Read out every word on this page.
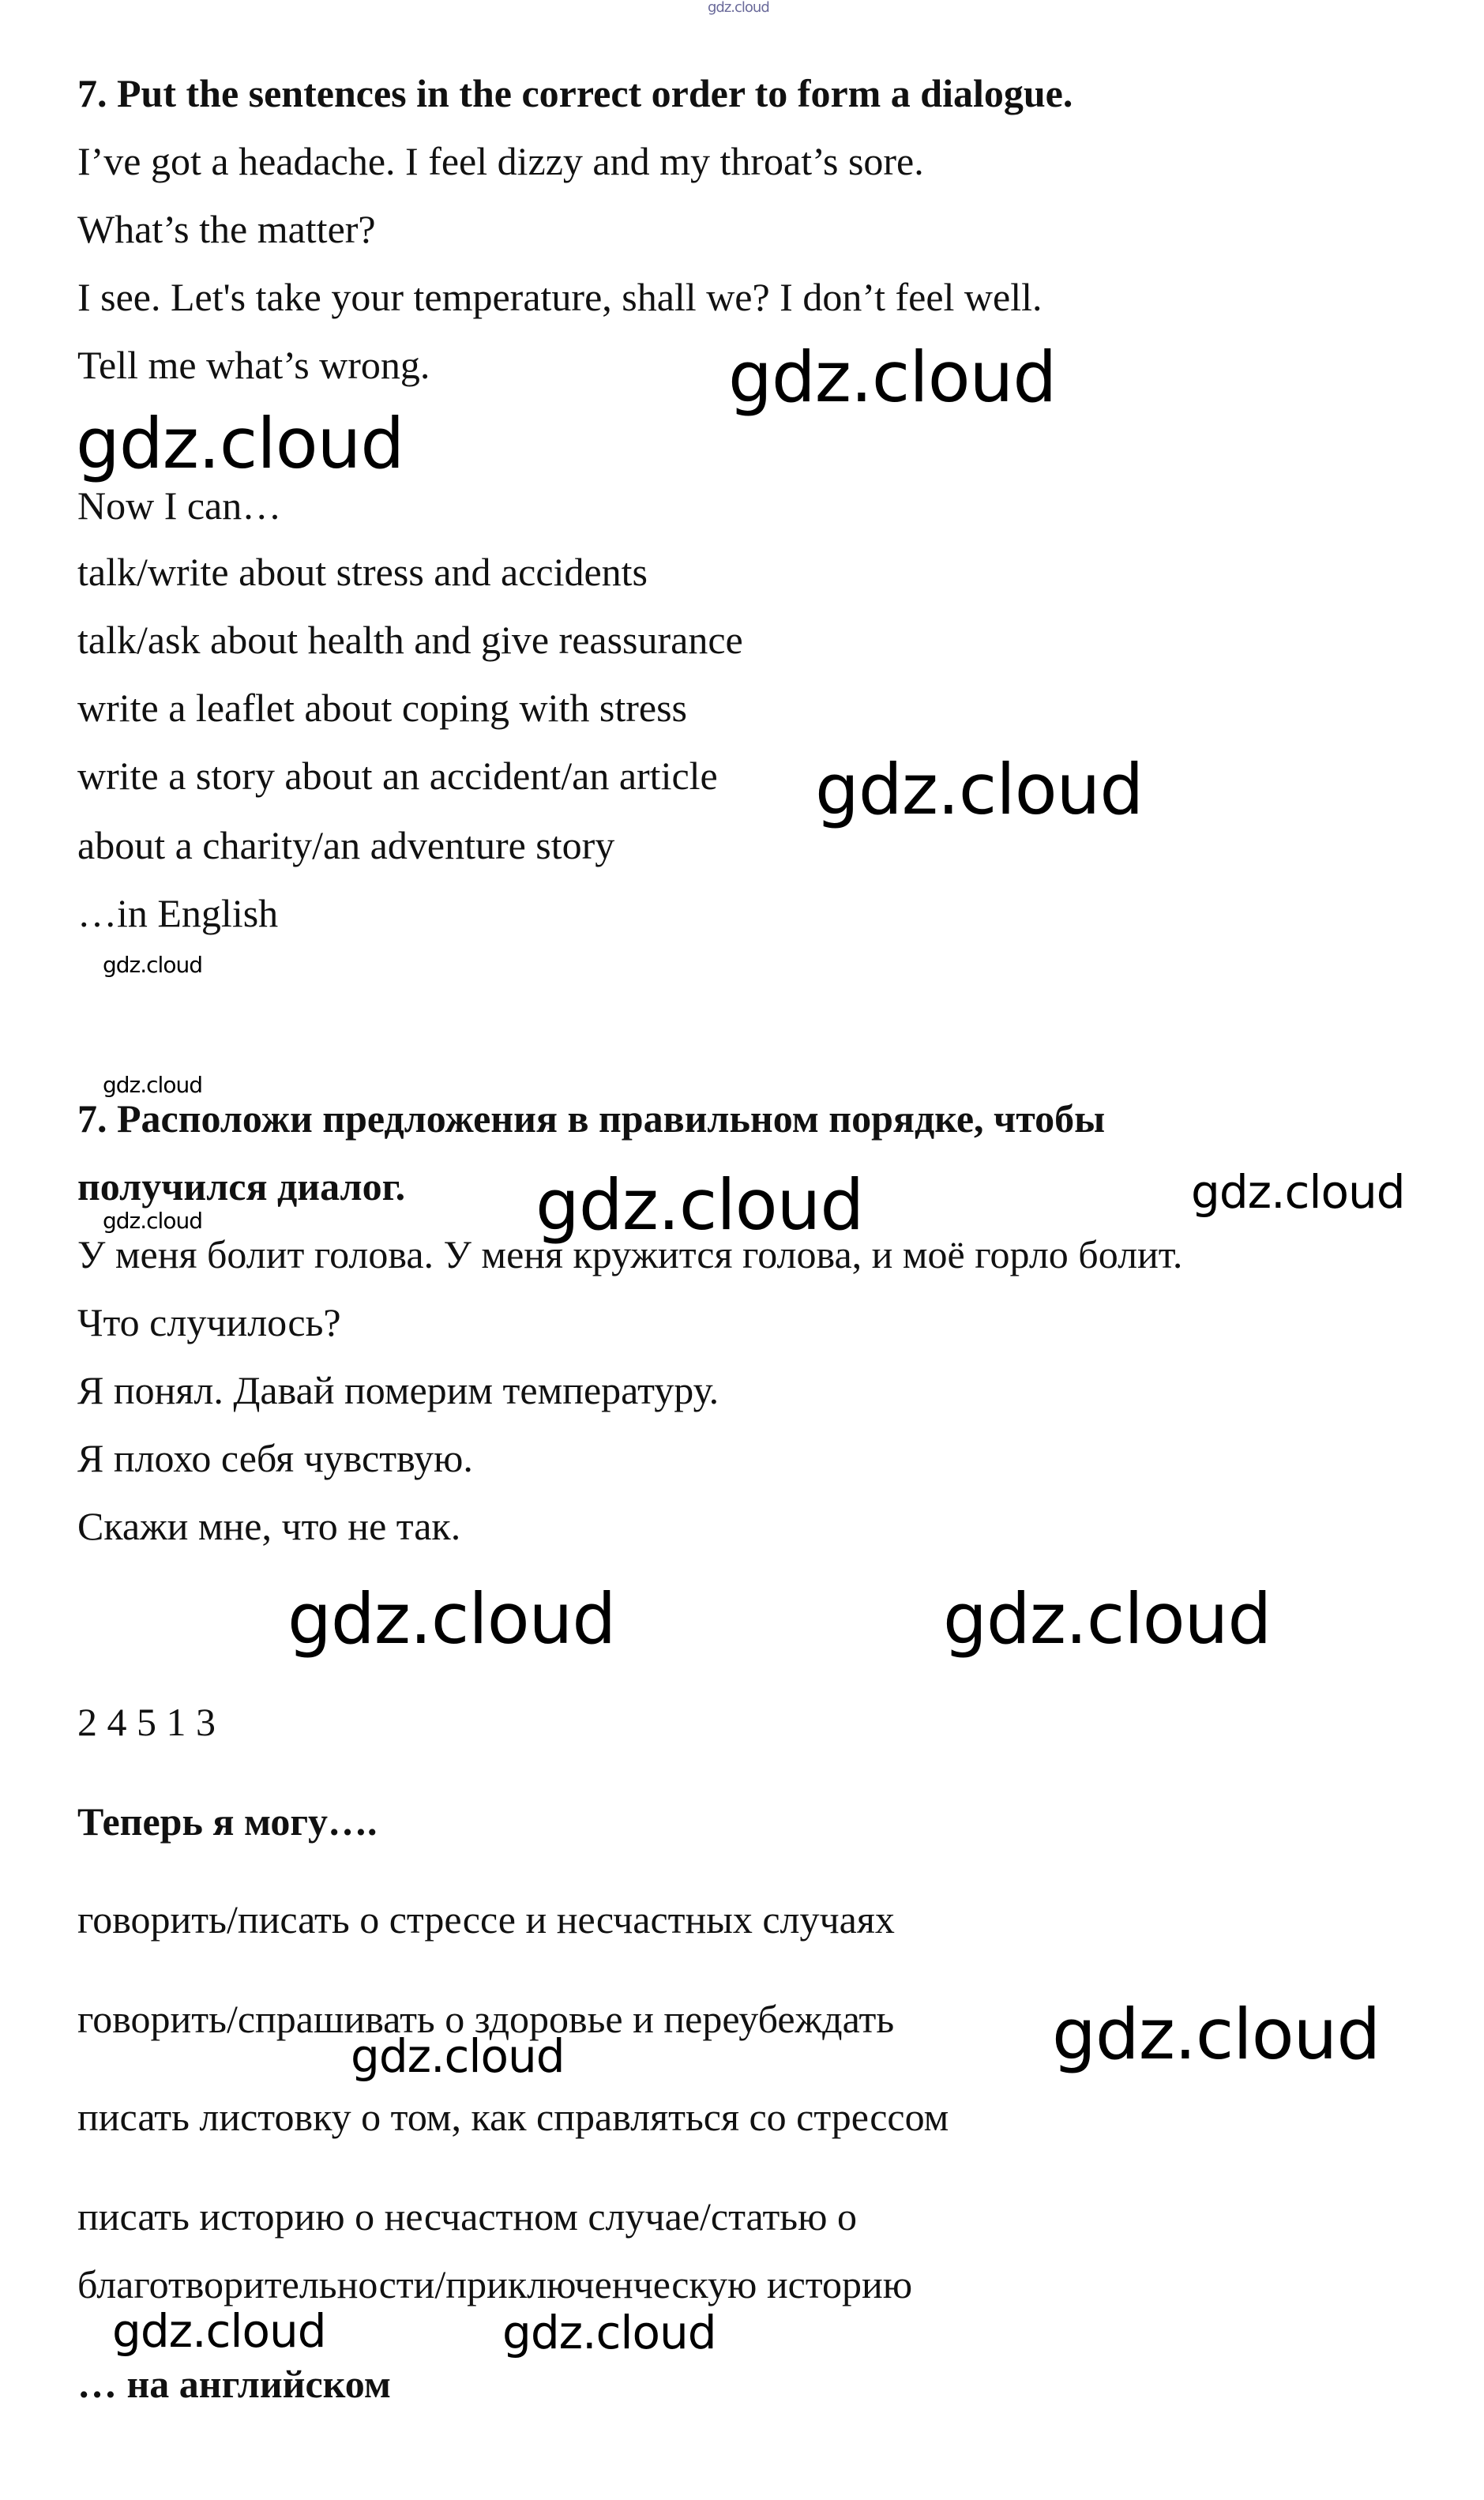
gdz.cloud
7. Put the sentences in the correct order to form a dialogue.
I’ve got a headache. I feel dizzy and my throat’s sore.
What’s the matter?
I see. Let's take your temperature, shall we? I don’t feel well.
Tell me what’s wrong.
Now I can…
talk/write about stress and accidents
talk/ask about health and give reassurance
write a leaflet about coping with stress
write a story about an accident/an article
about a charity/an adventure story
…in English
7. Расположи предложения в правильном порядке, чтобы
получился диалог.
У меня болит голова. У меня кружится голова, и моё горло болит.
Что случилось?
Я понял. Давай померим температуру.
Я плохо себя чувствую.
Скажи мне, что не так.
2 4 5 1 3
Теперь я могу….
говорить/писать о стрессе и несчастных случаях
говорить/спрашивать о здоровье и переубеждать
писать листовку о том, как справляться со стрессом
писать историю о несчастном случае/статью о
благотворительности/приключенческую историю
… на английском
gdz.cloud
gdz.cloud
gdz.cloud
gdz.cloud
gdz.cloud
gdz.cloud	gdz.cloud
gdz.cloud
gdz.cloud	gdz.cloud
gdz.cloud
gdz.cloud
gdz.cloud	gdz.cloud
